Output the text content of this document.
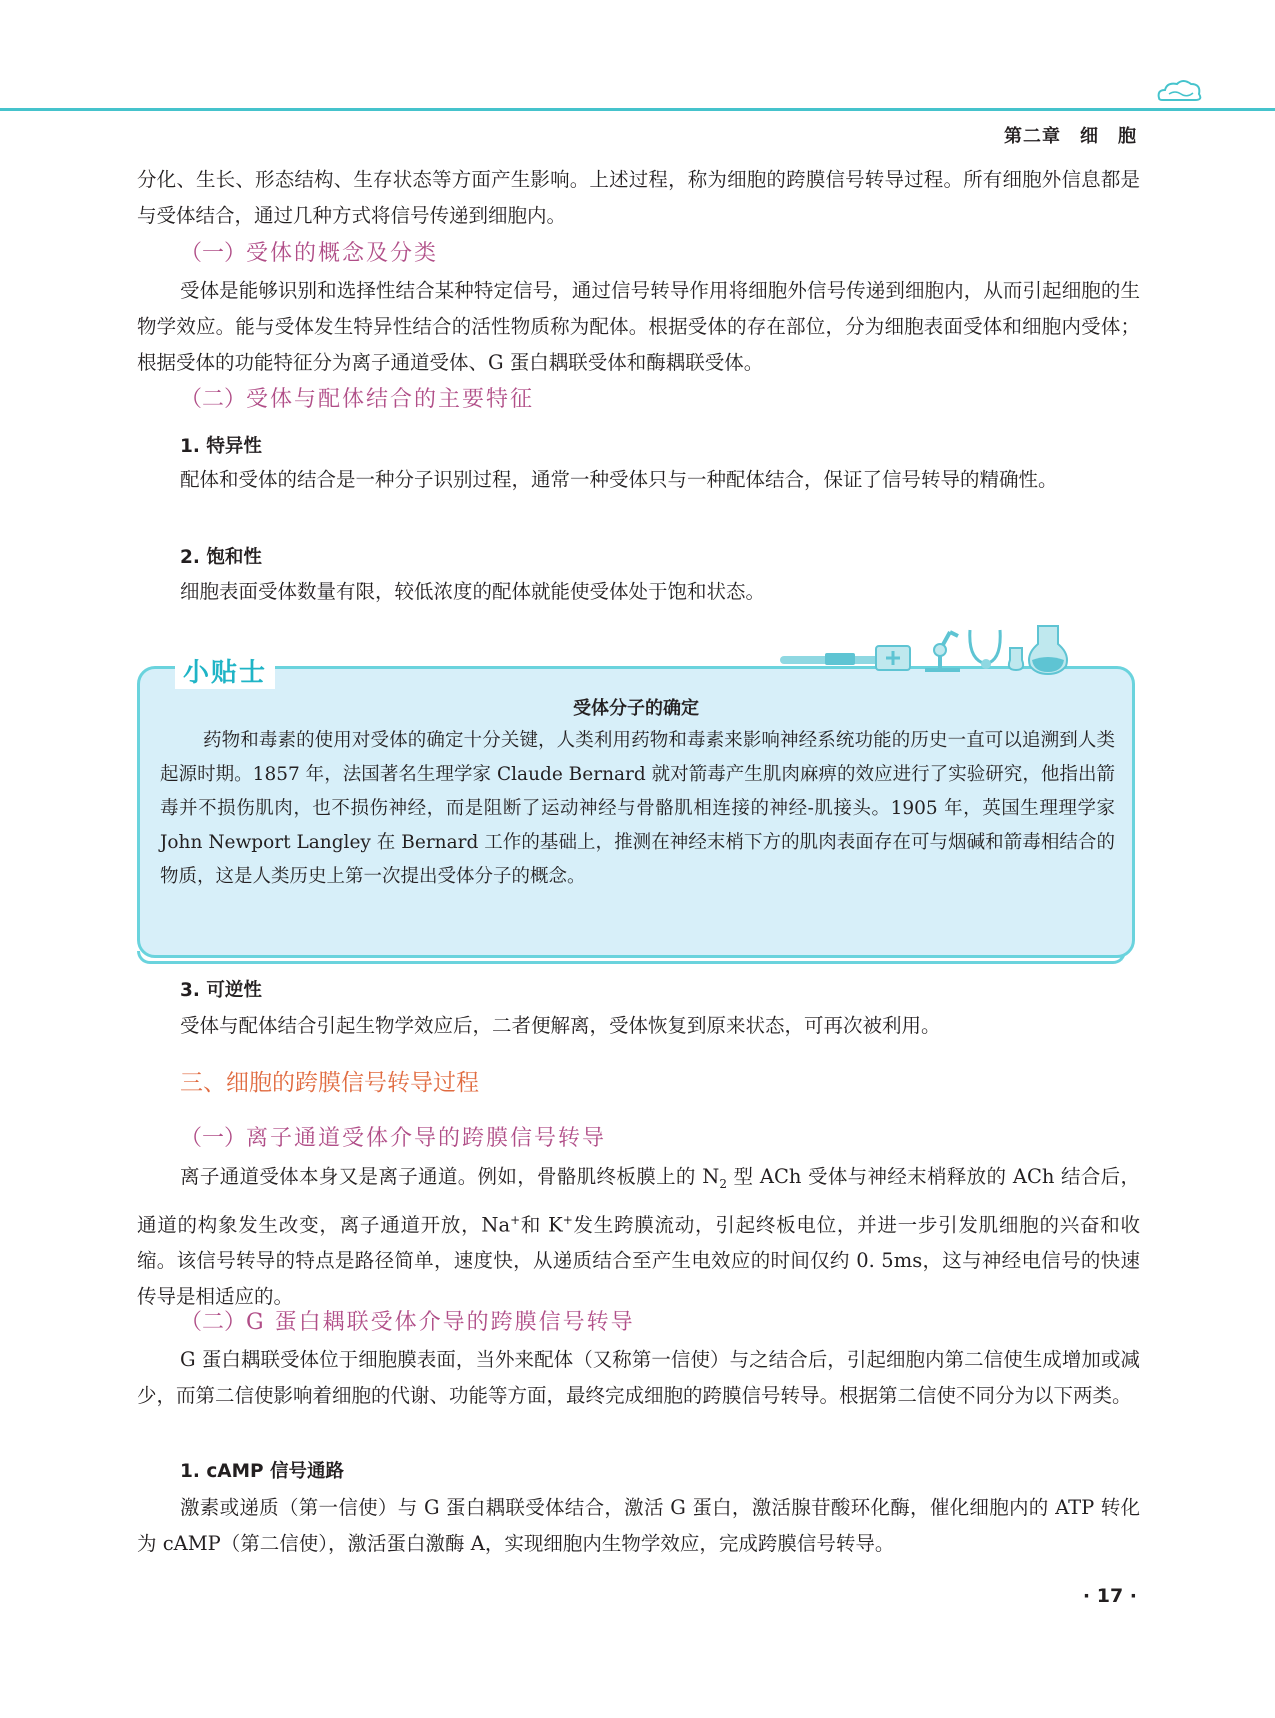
第二章　细　胞

分化、生长、形态结构、生存状态等方面产生影响。上述过程，称为细胞的跨膜信号转导过程。所有细胞外信息都是与受体结合，通过几种方式将信号传递到细胞内。

（一）受体的概念及分类

受体是能够识别和选择性结合某种特定信号，通过信号转导作用将细胞外信号传递到细胞内，从而引起细胞的生物学效应。能与受体发生特异性结合的活性物质称为配体。根据受体的存在部位，分为细胞表面受体和细胞内受体；根据受体的功能特征分为离子通道受体、G 蛋白耦联受体和酶耦联受体。

（二）受体与配体结合的主要特征

1. 特异性

配体和受体的结合是一种分子识别过程，通常一种受体只与一种配体结合，保证了信号转导的精确性。

2. 饱和性

细胞表面受体数量有限，较低浓度的配体就能使受体处于饱和状态。

小贴士
受体分子的确定

药物和毒素的使用对受体的确定十分关键，人类利用药物和毒素来影响神经系统功能的历史一直可以追溯到人类起源时期。1857 年，法国著名生理学家 Claude Bernard 就对箭毒产生肌肉麻痹的效应进行了实验研究，他指出箭毒并不损伤肌肉，也不损伤神经，而是阻断了运动神经与骨骼肌相连接的神经-肌接头。1905 年，英国生理理学家 John Newport Langley 在 Bernard 工作的基础上，推测在神经末梢下方的肌肉表面存在可与烟碱和箭毒相结合的物质，这是人类历史上第一次提出受体分子的概念。

3. 可逆性

受体与配体结合引起生物学效应后，二者便解离，受体恢复到原来状态，可再次被利用。

三、细胞的跨膜信号转导过程

（一）离子通道受体介导的跨膜信号转导

离子通道受体本身又是离子通道。例如，骨骼肌终板膜上的 $N_2$ 型 ACh 受体与神经末梢释放的 ACh 结合后，通道的构象发生改变，离子通道开放，Na+和 K+发生跨膜流动，引起终板电位，并进一步引发肌细胞的兴奋和收缩。该信号转导的特点是路径简单，速度快，从递质结合至产生电效应的时间仅约 0. 5ms，这与神经电信号的快速传导是相适应的。

（二）G 蛋白耦联受体介导的跨膜信号转导

G 蛋白耦联受体位于细胞膜表面，当外来配体（又称第一信使）与之结合后，引起细胞内第二信使生成增加或减少，而第二信使影响着细胞的代谢、功能等方面，最终完成细胞的跨膜信号转导。根据第二信使不同分为以下两类。

1. cAMP 信号通路

激素或递质（第一信使）与 G 蛋白耦联受体结合，激活 G 蛋白，激活腺苷酸环化酶，催化细胞内的 ATP 转化为 cAMP（第二信使），激活蛋白激酶 A，实现细胞内生物学效应，完成跨膜信号转导。

· 17 ·
